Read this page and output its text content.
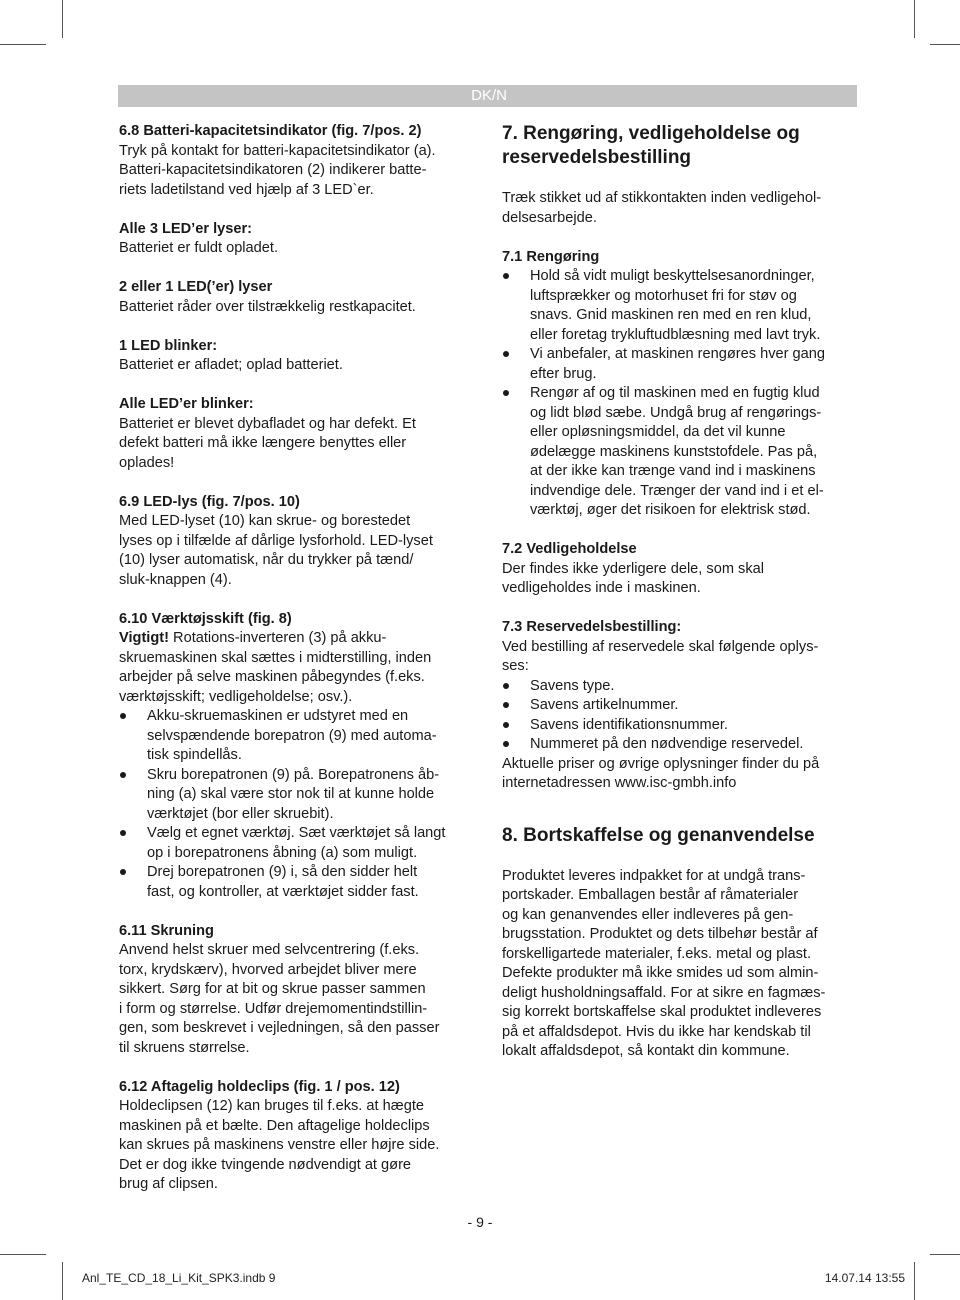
DK/N

6.8 Batteri-kapacitetsindikator (fig. 7/pos. 2)

Tryk på kontakt for batteri-kapacitetsindikator (a).

Batteri-kapacitetsindikatoren (2) indikerer batte-

riets ladetilstand ved hjælp af 3 LED`er.

Alle 3 LED’er lyser:

Batteriet er fuldt opladet.

2 eller 1 LED(’er) lyser

Batteriet råder over tilstrækkelig restkapacitet.

1 LED blinker:

Batteriet er afladet; oplad batteriet.

Alle LED’er blinker:

Batteriet er blevet dybafladet og har defekt. Et

defekt batteri må ikke længere benyttes eller

oplades!

6.9 LED-lys (fig. 7/pos. 10)

Med LED-lyset (10) kan skrue- og borestedet

lyses op i tilfælde af dårlige lysforhold. LED-lyset

(10) lyser automatisk, når du trykker på tænd/

sluk-knappen (4).

6.10 Værktøjsskift (fig. 8)

Vigtigt! Rotations-inverteren (3) på akku-

skruemaskinen skal sættes i midterstilling, inden

arbejder på selve maskinen påbegyndes (f.eks.

værktøjsskift; vedligeholdelse; osv.).

Akku-skruemaskinen er udstyret med en
selvspændende borepatron (9) med automa-
tisk spindellås.
Skru borepatronen (9) på. Borepatronens åb-
ning (a) skal være stor nok til at kunne holde
værktøjet (bor eller skruebit).
Vælg et egnet værktøj. Sæt værktøjet så langt
op i borepatronens åbning (a) som muligt.
Drej borepatronen (9) i, så den sidder helt
fast, og kontroller, at værktøjet sidder fast.

6.11 Skruning

Anvend helst skruer med selvcentrering (f.eks.

torx, krydskærv), hvorved arbejdet bliver mere

sikkert. Sørg for at bit og skrue passer sammen

i form og størrelse. Udfør drejemomentindstillin-

gen, som beskrevet i vejledningen, så den passer

til skruens størrelse.

6.12 Aftagelig holdeclips (fig. 1 / pos. 12)

Holdeclipsen (12) kan bruges til f.eks. at hægte

maskinen på et bælte. Den aftagelige holdeclips

kan skrues på maskinens venstre eller højre side.

Det er dog ikke tvingende nødvendigt at gøre

brug af clipsen.

7. Rengøring, vedligeholdelse og

reservedelsbestilling

Træk stikket ud af stikkontakten inden vedligehol-

delsesarbejde.

7.1 Rengøring

Hold så vidt muligt beskyttelsesanordninger,
luftsprækker og motorhuset fri for støv og
snavs. Gnid maskinen ren med en ren klud,
eller foretag trykluftudblæsning med lavt tryk.
Vi anbefaler, at maskinen rengøres hver gang
efter brug.
Rengør af og til maskinen med en fugtig klud
og lidt blød sæbe. Undgå brug af rengørings-
eller opløsningsmiddel, da det vil kunne
ødelægge maskinens kunststofdele. Pas på,
at der ikke kan trænge vand ind i maskinens
indvendige dele. Trænger der vand ind i et el-
værktøj, øger det risikoen for elektrisk stød.

7.2 Vedligeholdelse

Der findes ikke yderligere dele, som skal

vedligeholdes inde i maskinen.

7.3 Reservedelsbestilling:

Ved bestilling af reservedele skal følgende oplys-

ses:

Savens type.
Savens artikelnummer.
Savens identifikationsnummer.
Nummeret på den nødvendige reservedel.

Aktuelle priser og øvrige oplysninger finder du på

internetadressen www.isc-gmbh.info

8. Bortskaffelse og genanvendelse

Produktet leveres indpakket for at undgå trans-

portskader. Emballagen består af råmaterialer

og kan genanvendes eller indleveres på gen-

brugsstation. Produktet og dets tilbehør består af

forskelligartede materialer, f.eks. metal og plast.

Defekte produkter må ikke smides ud som almin-

deligt husholdningsaffald. For at sikre en fagmæs-

sig korrekt bortskaffelse skal produktet indleveres

på et affaldsdepot. Hvis du ikke har kendskab til

lokalt affaldsdepot, så kontakt din kommune.

- 9 -
Anl_TE_CD_18_Li_Kit_SPK3.indb 9	14.07.14 13:55
